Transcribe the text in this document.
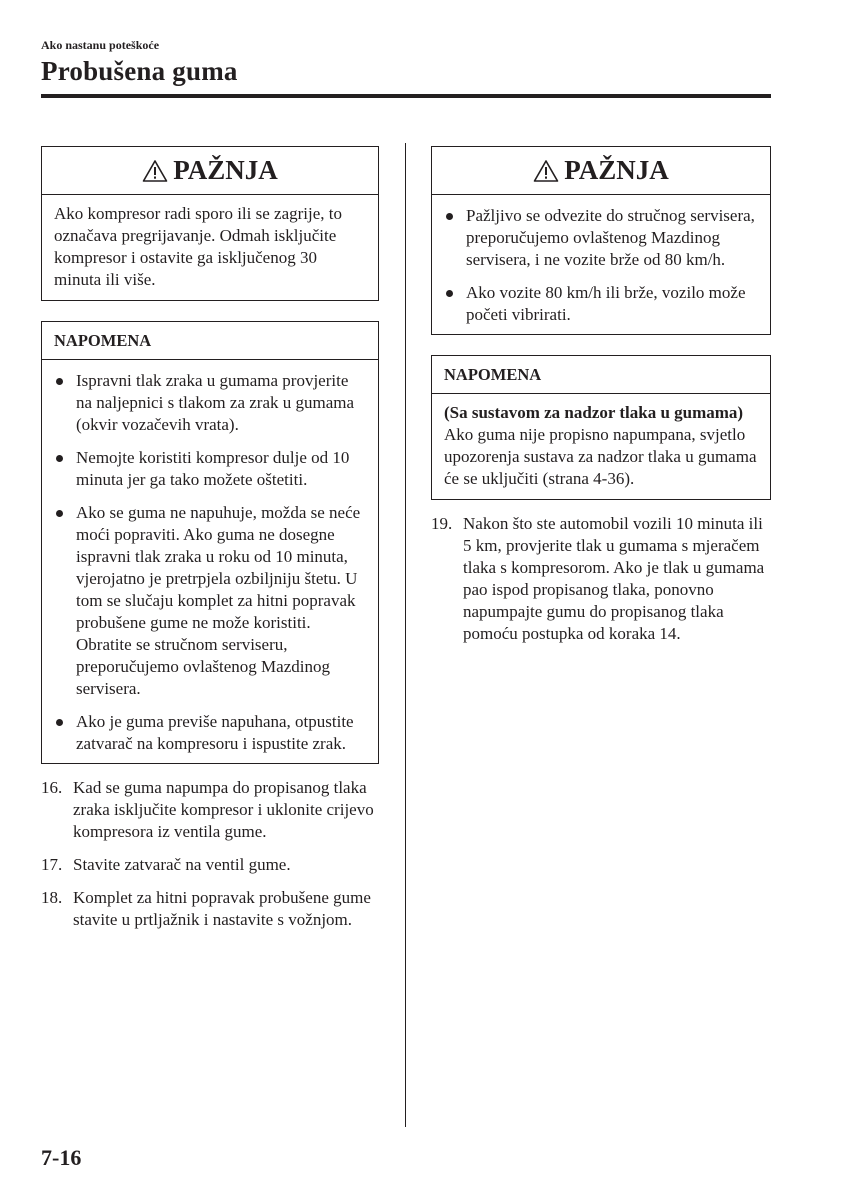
Ako nastanu poteškoće
Probušena guma
PAŽNJA
Ako kompresor radi sporo ili se zagrije, to označava pregrijavanje. Odmah isključite kompresor i ostavite ga isključenog 30 minuta ili više.
NAPOMENA
Ispravni tlak zraka u gumama provjerite na naljepnici s tlakom za zrak u gumama (okvir vozačevih vrata).
Nemojte koristiti kompresor dulje od 10 minuta jer ga tako možete oštetiti.
Ako se guma ne napuhuje, možda se neće moći popraviti. Ako guma ne dosegne ispravni tlak zraka u roku od 10 minuta, vjerojatno je pretrpjela ozbiljniju štetu. U tom se slučaju komplet za hitni popravak probušene gume ne može koristiti. Obratite se stručnom serviseru, preporučujemo ovlaštenog Mazdinog servisera.
Ako je guma previše napuhana, otpustite zatvarač na kompresoru i ispustite zrak.
16. Kad se guma napumpa do propisanog tlaka zraka isključite kompresor i uklonite crijevo kompresora iz ventila gume.
17. Stavite zatvarač na ventil gume.
18. Komplet za hitni popravak probušene gume stavite u prtljažnik i nastavite s vožnjom.
PAŽNJA
Pažljivo se odvezite do stručnog servisera, preporučujemo ovlaštenog Mazdinog servisera, i ne vozite brže od 80 km/h.
Ako vozite 80 km/h ili brže, vozilo može početi vibrirati.
NAPOMENA
(Sa sustavom za nadzor tlaka u gumama)
Ako guma nije propisno napumpana, svjetlo upozorenja sustava za nadzor tlaka u gumama će se uključiti (strana 4-36).
19. Nakon što ste automobil vozili 10 minuta ili 5 km, provjerite tlak u gumama s mjeračem tlaka s kompresorom. Ako je tlak u gumama pao ispod propisanog tlaka, ponovno napumpajte gumu do propisanog tlaka pomoću postupka od koraka 14.
7-16
